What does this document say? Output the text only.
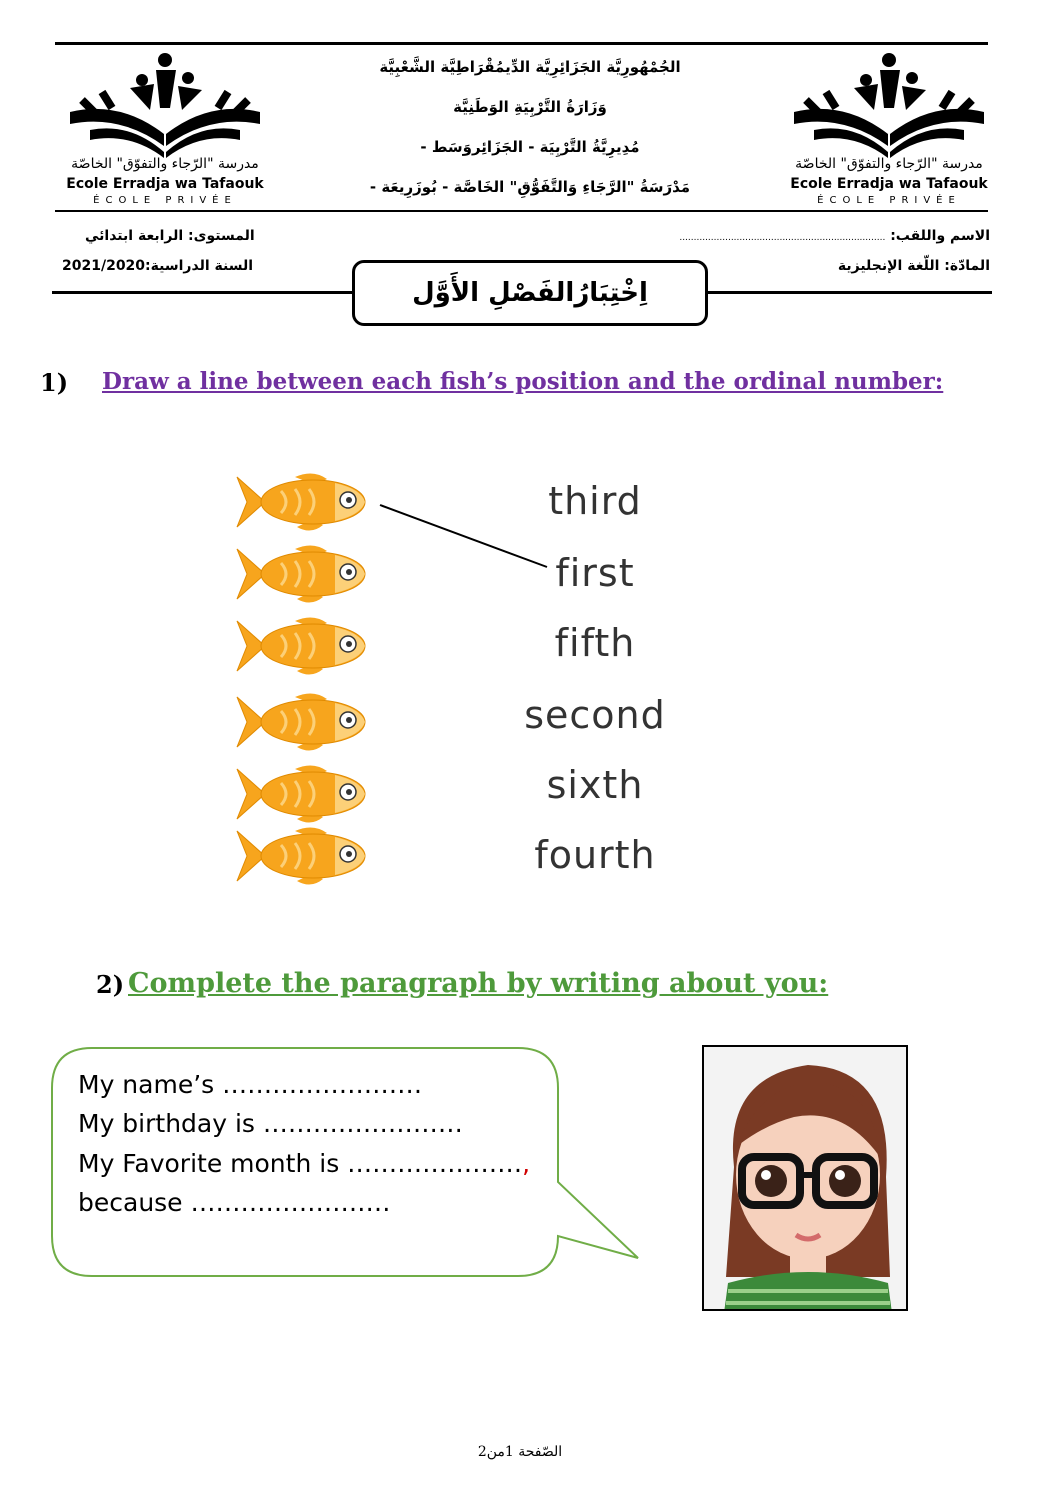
مدرسة "الرّجاء والتفوّق" الخاصّة
Ecole Erradja wa Tafaouk
ÉCOLE PRIVÉE
مدرسة "الرّجاء والتفوّق" الخاصّة
Ecole Erradja wa Tafaouk
ÉCOLE PRIVÉE
الجُمْهُورِيَّة الجَزَائِرِيَّة الدِّيمُقْرَاطِيَّة الشَّعْبِيَّة
وَزَارَةُ التَّرْبِيَةِ الوَطَنِيَّة
مُدِيرِيَّةُ التَّرْبِيَة - الجَزَائِروَسَط -
مَدْرَسَةُ "الرَّجَاءِ وَالتَّفَوُّقِ" الخَاصَّة - بُوزَرِيعَة -
الاسم واللقب: ........................................................................
المادّة: اللّغة الإنجليزية
المستوى: الرابعة ابتدائي
السنة الدراسية:2021/2020
اِخْتِبَارُالفَصْلِ الأَوَّل
1) Draw a line between each fish’s position and the ordinal number:
third
first
fifth
second
sixth
fourth
2) Complete the paragraph by writing about you:
My name’s ……………………
My birthday is ……………………
My Favorite month is …………………,
because ……………………
الصّفحة 1من2
